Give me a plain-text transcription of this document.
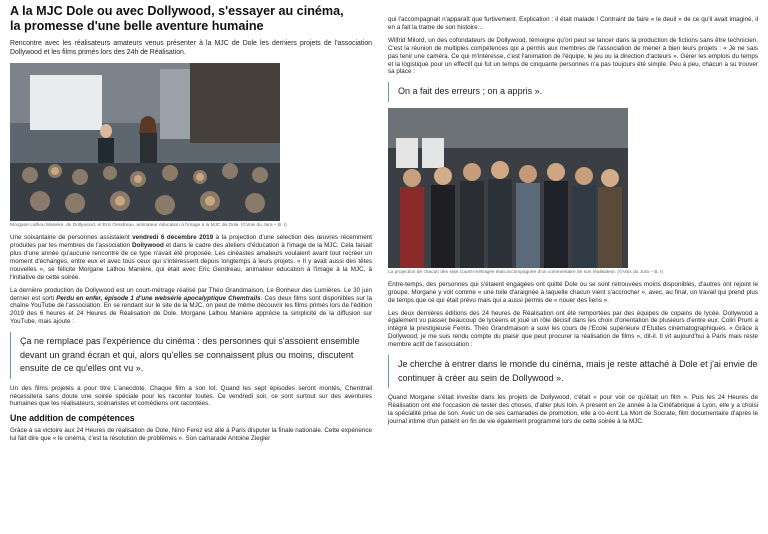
A la MJC Dole ou avec Dollywood, s'essayer au cinéma,
la promesse d'une belle aventure humaine

Rencontre avec les réalisateurs amateurs venus présenter à la MJC de Dole les derniers projets de l'association Dollywood et les films primés lors des 24h de Réalisation.

Morgane Lalhou Manière, de Dollywood, et Eric Gendreau, animateur éducation à l'image à la MJC de Dole. (©Voix du Jura – B. I)

Une soixantaine de personnes assistaient vendredi 6 décembre 2019 à la projection d'une sélection des œuvres récemment produites par les membres de l'association Dollywood et dans le cadre des ateliers d'éducation à l'image de la MJC. Cela faisait plus d'une année qu'aucune rencontre de ce type n'avait été proposée. Les cinéastes amateurs voulaient avant tout recréer un moment d'échanges, entre eux et avec tous ceux qui s'intéressent depuis longtemps à leurs projets. « Il y avait aussi des têtes nouvelles », se félicite Morgane Lalhou Manière, qui était avec Eric Gendreau, animateur éducation à l'image à la MJC, à l'initiative de cette soirée.

La dernière production de Dollywood est un court-métrage réalisé par Théo Grandmaison, Le Bonheur des Lumières. Le 30 juin dernier est sorti Perdu en enfer, épisode 1 d'une websérie apocalyptique Chemtrails. Ces deux films sont disponibles sur la chaîne YouTube de l'association. En se rendant sur le site de la MJC, on peut de même découvrir les films primés lors de l'édition 2019 des 6 heures et 24 Heures de Réalisation de Dole. Morgane Lalhou Manière apprécie la simplicité de la diffusion sur YouTube, mais ajoute :

Ça ne remplace pas l'expérience du cinéma : des personnes qui s'assoient ensemble devant un grand écran et qui, alors qu'elles se connaissent plus ou moins, discutent ensuite de ce qu'elles ont vu ».

Un des films projetés a pour titre L'anecdote. Chaque film a son lot. Quand les sept épisodes seront montés, Chemtrail nécessitera sans doute une soirée spéciale pour les raconter toutes. Ce vendredi soir, ce sont surtout sur des aventures humaines que les réalisateurs, scénaristes et comédiens ont racontées.

Une addition de compétences

Grâce à sa victoire aux 24 Heures de réalisation de Dole, Nino Ferez est allé à Paris disputer la finale nationale. Cette expérience lui fait dire que « le cinéma, c'est la résolution de problèmes ». Son camarade Antoine Ziegler

qui l'accompagnait n'apparaît que furtivement. Explication : il était malade ! Contraint de faire « le deuil » de ce qu'il avait imaginé, il en a fait la trame de son histoire…

Wilfrid Milord, un des cofondateurs de Dollywood, témoigne qu'on peut se lancer dans la production de fictions sans être technicien. C'est la réunion de multiples compétences qui a permis aux membres de l'association de mener à bien leurs projets : « Je ne sais pas tenir une caméra. Ce qui m'intéresse, c'est l'animation de l'équipe, le jeu ou la direction d'acteurs ». Gérer les emplois du temps et la logistique pour un effectif qui fut un temps de cinquante personnes n'a pas toujours été simple. Peu à peu, chacun a su trouver sa place :

On a fait des erreurs ; on a appris ».
La projection de chacun des sept courts-métrages était accompagnée d'un commentaire de son réalisateur. (©Voix du Jura – B. I)

Entre-temps, des personnes qui s'étaient engagées ont quitté Dole ou se sont retrouvées moins disponibles, d'autres ont rejoint le groupe. Morgane y voit comme « une toile d'araignée à laquelle chacun vient s'accrocher », avec, au final, un travail qui prend plus de temps que ce qui était prévu mais qui a aussi permis de « nouer des liens ».

Les deux dernières éditions des 24 heures de Réalisation ont été remportées par des équipes de copains de lycée. Dollywood a également vu passer beaucoup de lycéens et joué un rôle décisif dans les choix d'orientation de plusieurs d'entre eux. Colin Prum a intégré la prestigieuse Femis. Théo Grandmaison a suivi les cours de l'Ecole supérieure d'Etudes cinématographiques. « Grâce à Dollywood, je me suis rendu compte du plaisir que peut procurer la réalisation de films », dit-il. Il vit aujourd'hui à Paris mais reste membre actif de l'association :

Je cherche à entrer dans le monde du cinéma, mais je reste attaché à Dole et j'ai envie de continuer à créer au sein de Dollywood ».

Quand Morgane s'était investie dans les projets de Dollywood, c'était « pour voir ce qu'était un film ». Puis les 24 Heures de Réalisation ont été l'occasion de tester des choses, d'aller plus loin. A présent en 2e année à la Cinéfabrique à Lyon, elle y a choisi la spécialité prise de son. Avec un de ses camarades de promotion, elle a co-écrit La Mort de Socrate, film documentaire d'après le journal intime d'un patient en fin de vie également programmé lors de cette soirée à la MJC.
